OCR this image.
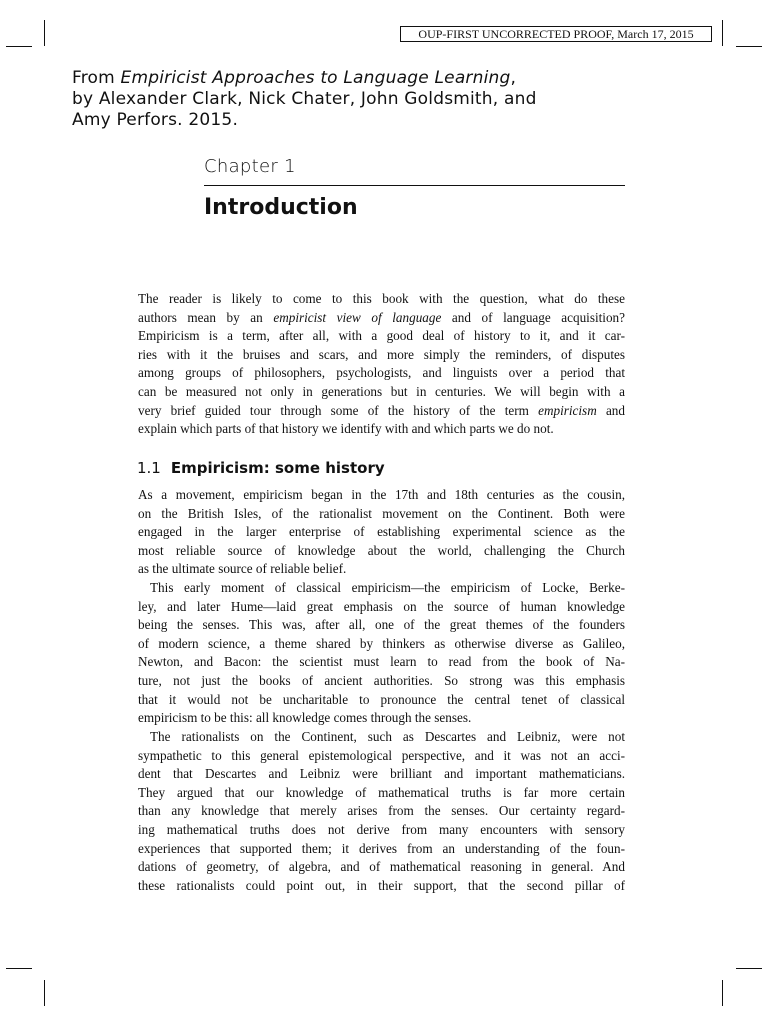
OUP-FIRST UNCORRECTED PROOF, March 17, 2015
From Empiricist Approaches to Language Learning,
by Alexander Clark, Nick Chater, John Goldsmith, and
Amy Perfors. 2015.
Chapter 1
Introduction
The reader is likely to come to this book with the question, what do these
authors mean by an empiricist view of language and of language acquisition?
Empiricism is a term, after all, with a good deal of history to it, and it car-
ries with it the bruises and scars, and more simply the reminders, of disputes
among groups of philosophers, psychologists, and linguists over a period that
can be measured not only in generations but in centuries. We will begin with a
very brief guided tour through some of the history of the term empiricism and
explain which parts of that history we identify with and which parts we do not.
1.1 Empiricism: some history
As a movement, empiricism began in the 17th and 18th centuries as the cousin,
on the British Isles, of the rationalist movement on the Continent. Both were
engaged in the larger enterprise of establishing experimental science as the
most reliable source of knowledge about the world, challenging the Church
as the ultimate source of reliable belief.
This early moment of classical empiricism—the empiricism of Locke, Berke-
ley, and later Hume—laid great emphasis on the source of human knowledge
being the senses. This was, after all, one of the great themes of the founders
of modern science, a theme shared by thinkers as otherwise diverse as Galileo,
Newton, and Bacon: the scientist must learn to read from the book of Na-
ture, not just the books of ancient authorities. So strong was this emphasis
that it would not be uncharitable to pronounce the central tenet of classical
empiricism to be this: all knowledge comes through the senses.
The rationalists on the Continent, such as Descartes and Leibniz, were not
sympathetic to this general epistemological perspective, and it was not an acci-
dent that Descartes and Leibniz were brilliant and important mathematicians.
They argued that our knowledge of mathematical truths is far more certain
than any knowledge that merely arises from the senses. Our certainty regard-
ing mathematical truths does not derive from many encounters with sensory
experiences that supported them; it derives from an understanding of the foun-
dations of geometry, of algebra, and of mathematical reasoning in general. And
these rationalists could point out, in their support, that the second pillar of
